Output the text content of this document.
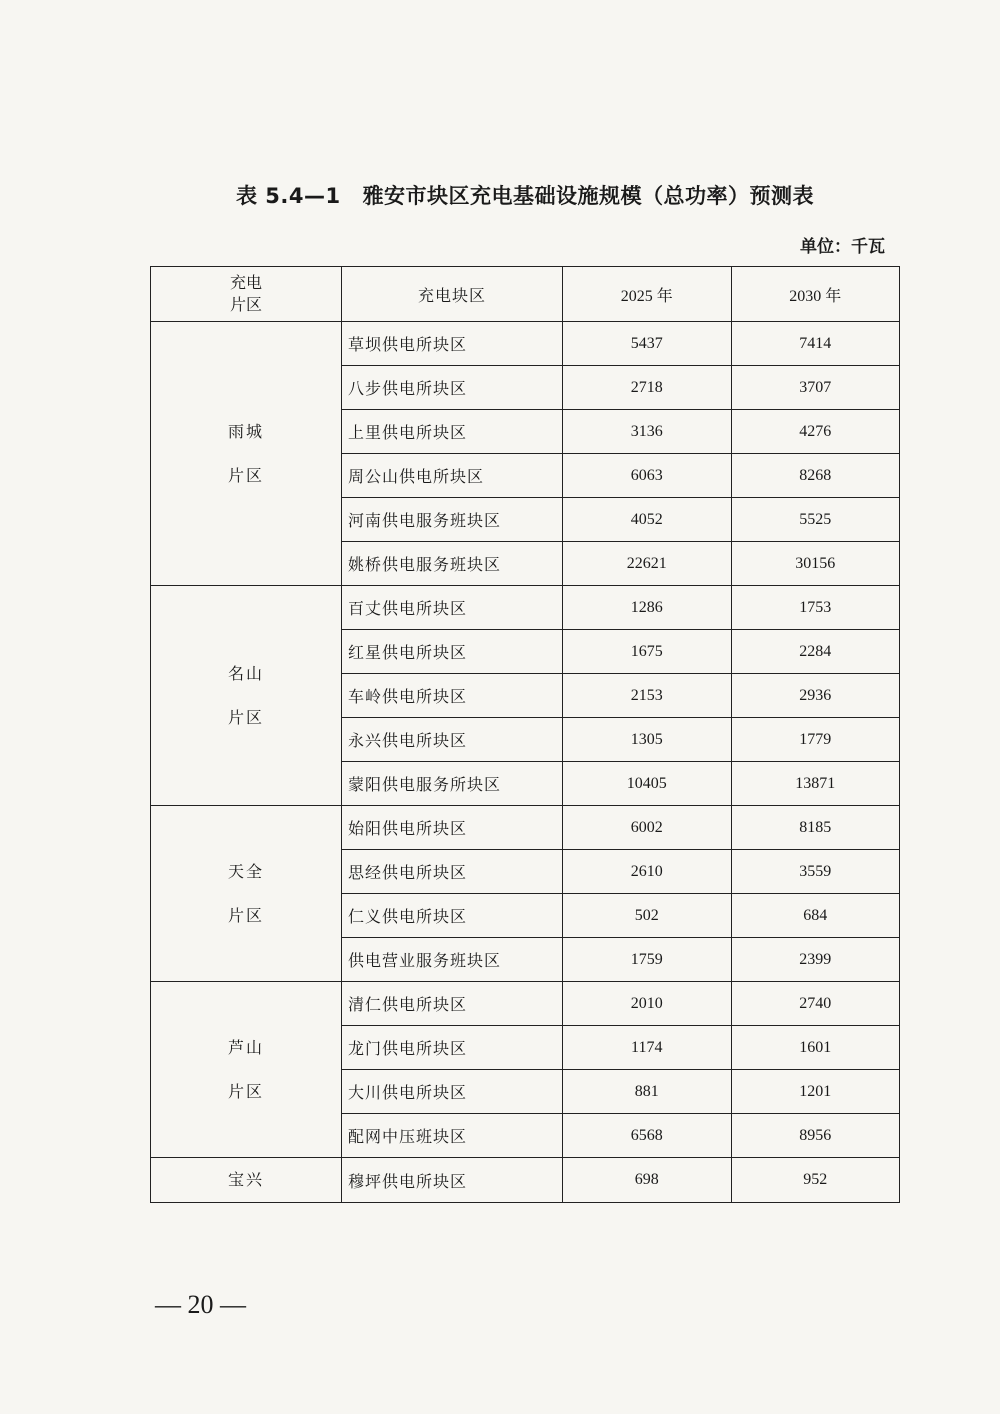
表 5.4—1 雅安市块区充电基础设施规模（总功率）预测表
单位：千瓦
充电
片区	充电块区	2025 年	2030 年

雨城
片区	草坝供电所块区	5437	7414
	八步供电所块区	2718	3707
	上里供电所块区	3136	4276
	周公山供电所块区	6063	8268
	河南供电服务班块区	4052	5525
	姚桥供电服务班块区	22621	30156

名山
片区	百丈供电所块区	1286	1753
	红星供电所块区	1675	2284
	车岭供电所块区	2153	2936
	永兴供电所块区	1305	1779
	蒙阳供电服务所块区	10405	13871

天全
片区	始阳供电所块区	6002	8185
	思经供电所块区	2610	3559
	仁义供电所块区	502	684
	供电营业服务班块区	1759	2399

芦山
片区	清仁供电所块区	2010	2740
	龙门供电所块区	1174	1601
	大川供电所块区	881	1201
	配网中压班块区	6568	8956

宝兴	穆坪供电所块区	698	952
— 20 —
